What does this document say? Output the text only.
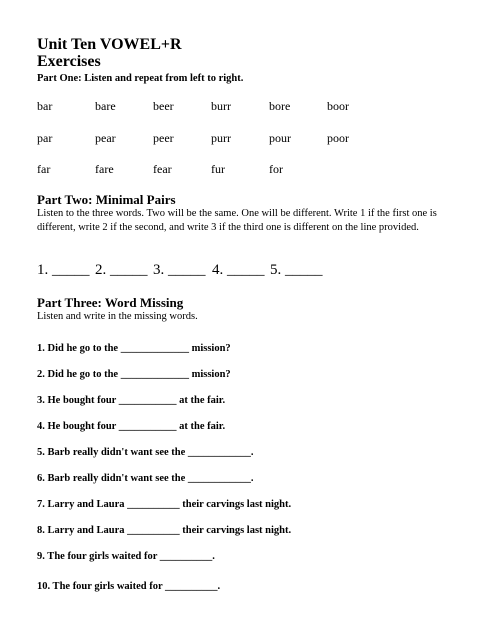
Unit Ten VOWEL+R
Exercises
Part One: Listen and repeat from left to right.
bar	bare	beer	burr	bore	boor
par	pear	peer	purr	pour	poor
far	fare	fear	fur	for
Part Two: Minimal Pairs
Listen to the three words. Two will be the same. One will be different. Write 1 if the first one is different, write 2 if the second, and write 3 if the third one is different on the line provided.
1. _____ 2. _____ 3. _____ 4. _____ 5. _____
Part Three: Word Missing
Listen and write in the missing words.
1. Did he go to the _____________ mission?
2. Did he go to the _____________ mission?
3. He bought four ___________ at the fair.
4. He bought four ___________ at the fair.
5. Barb really didn't want see the ____________.
6. Barb really didn't want see the ____________.
7. Larry and Laura __________ their carvings last night.
8. Larry and Laura __________ their carvings last night.
9. The four girls waited for __________.
10. The four girls waited for __________.
